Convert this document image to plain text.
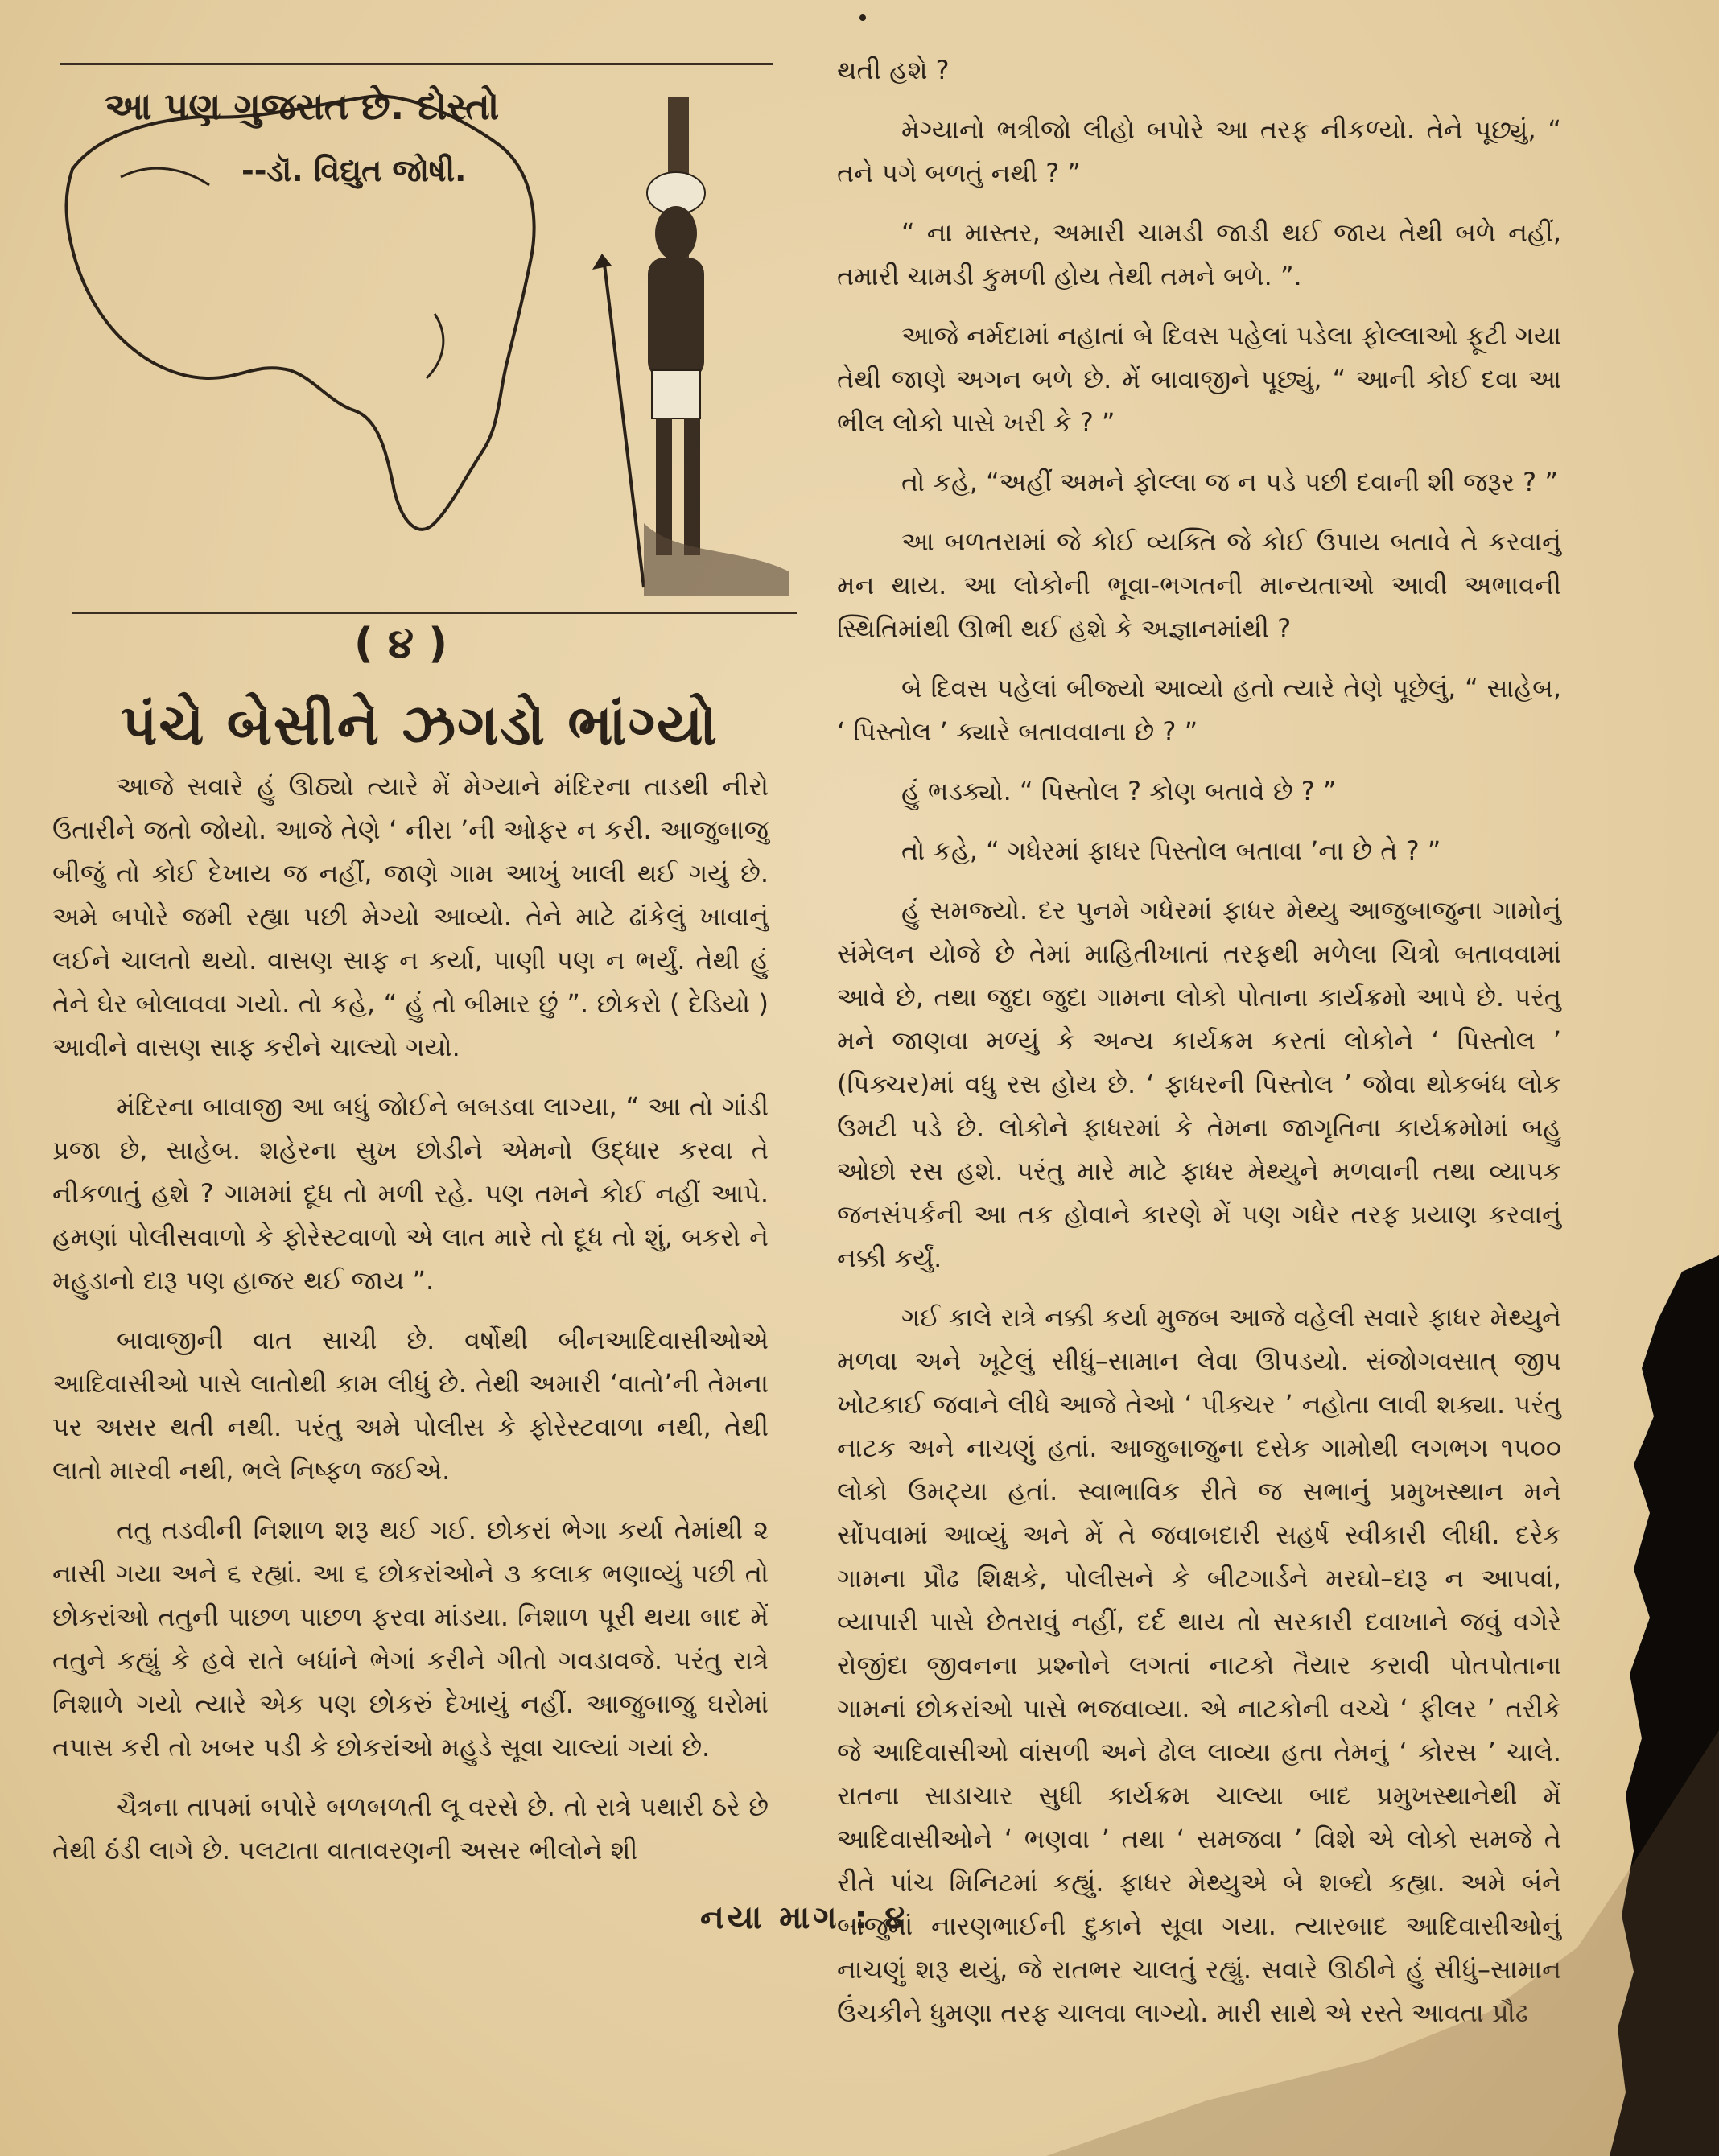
આ પણ ગુજરાત છે. દોસ્તો
--ડૉ. વિદ્યુત જોષી.
( ૪ )
પંચે બેસીને ઝગડો ભાંગ્યો

આજે સવારે હું ઊઠ્યો ત્યારે મેં મેગ્યાને મંદિરના તાડથી નીરો ઉતારીને જતો જોયો. આજે તેણે ‘ નીરા ’ની ઓફર ન કરી. આજુબાજુ બીજું તો કોઈ દેખાય જ નહીં, જાણે ગામ આખું ખાલી થઈ ગયું છે. અમે બપોરે જમી રહ્યા પછી મેગ્યો આવ્યો. તેને માટે ઢાંકેલું ખાવાનું લઈને ચાલતો થયો. વાસણ સાફ ન કર્યા, પાણી પણ ન ભર્યું. તેથી હું તેને ઘેર બોલાવવા ગયો. તો કહે, “ હું તો બીમાર છું ”. છોકરો ( દેડિયો ) આવીને વાસણ સાફ કરીને ચાલ્યો ગયો.

મંદિરના બાવાજી આ બધું જોઈને બબડવા લાગ્યા, “ આ તો ગાંડી પ્રજા છે, સાહેબ. શહેરના સુખ છોડીને એમનો ઉદ્ધાર કરવા તે નીકળાતું હશે ? ગામમાં દૂધ તો મળી રહે. પણ તમને કોઈ નહીં આપે. હમણાં પોલીસવાળો કે ફોરેસ્ટવાળો એ લાત મારે તો દૂધ તો શું, બકરો ને મહુડાનો દારૂ પણ હાજર થઈ જાય ”.

બાવાજીની વાત સાચી છે. વર્ષોથી બીનઆદિવાસીઓએ આદિવાસીઓ પાસે લાતોથી કામ લીધું છે. તેથી અમારી ‘વાતો’ની તેમના પર અસર થતી નથી. પરંતુ અમે પોલીસ કે ફોરેસ્ટવાળા નથી, તેથી લાતો મારવી નથી, ભલે નિષ્ફળ જઈએ.

તતુ તડવીની નિશાળ શરૂ થઈ ગઈ. છોકરાં ભેગા કર્યા તેમાંથી ૨ નાસી ગયા અને ૬ રહ્યાં. આ ૬ છોકરાંઓને ૩ કલાક ભણાવ્યું પછી તો છોકરાંઓ તતુની પાછળ પાછળ ફરવા માંડયા. નિશાળ પૂરી થયા બાદ મેં તતુને કહ્યું કે હવે રાતે બધાંને ભેગાં કરીને ગીતો ગવડાવજે. પરંતુ રાત્રે નિશાળે ગયો ત્યારે એક પણ છોકરું દેખાયું નહીં. આજુબાજુ ઘરોમાં તપાસ કરી તો ખબર પડી કે છોકરાંઓ મહુડે સૂવા ચાલ્યાં ગયાં છે.

ચૈત્રના તાપમાં બપોરે બળબળતી લૂ વરસે છે. તો રાત્રે પથારી ઠરે છે તેથી ઠંડી લાગે છે. પલટાતા વાતાવરણની અસર ભીલોને શી

થતી હશે ?

મેગ્યાનો ભત્રીજો લીહો બપોરે આ તરફ નીકળ્યો. તેને પૂછ્યું, “ તને પગે બળતું નથી ? ”

“ ના માસ્તર, અમારી ચામડી જાડી થઈ જાય તેથી બળે નહીં, તમારી ચામડી કુમળી હોય તેથી તમને બળે. ”.

આજે નર્મદામાં નહાતાં બે દિવસ પહેલાં પડેલા ફોલ્લાઓ ફૂટી ગયા તેથી જાણે અગન બળે છે. મેં બાવાજીને પૂછ્યું, “ આની કોઈ દવા આ ભીલ લોકો પાસે ખરી કે ? ”

તો કહે, “અહીં અમને ફોલ્લા જ ન પડે પછી દવાની શી જરૂર ? ”

આ બળતરામાં જે કોઈ વ્યક્તિ જે કોઈ ઉપાય બતાવે તે કરવાનું મન થાય. આ લોકોની ભૂવા-ભગતની માન્યતાઓ આવી અભાવની સ્થિતિમાંથી ઊભી થઈ હશે કે અજ્ઞાનમાંથી ?

બે દિવસ પહેલાં બીજ્યો આવ્યો હતો ત્યારે તેણે પૂછેલું, “ સાહેબ, ‘ પિસ્તોલ ’ ક્યારે બતાવવાના છે ? ”

હું ભડક્યો. “ પિસ્તોલ ? કોણ બતાવે છે ? ”

તો કહે, “ ગધેરમાં ફાધર પિસ્તોલ બતાવા ’ના છે તે ? ”

હું સમજ્યો. દર પુનમે ગધેરમાં ફાધર મેથ્યુ આજુબાજુના ગામોનું સંમેલન યોજે છે તેમાં માહિતીખાતાં તરફથી મળેલા ચિત્રો બતાવવામાં આવે છે, તથા જુદા જુદા ગામના લોકો પોતાના કાર્યક્રમો આપે છે. પરંતુ મને જાણવા મળ્યું કે અન્ય કાર્યક્રમ કરતાં લોકોને ‘ પિસ્તોલ ’ (પિક્ચર)માં વધુ રસ હોય છે. ‘ ફાધરની પિસ્તોલ ’ જોવા થોકબંધ લોક ઉમટી પડે છે. લોકોને ફાધરમાં કે તેમના જાગૃતિના કાર્યક્રમોમાં બહુ ઓછો રસ હશે. પરંતુ મારે માટે ફાધર મેથ્યુને મળવાની તથા વ્યાપક જનસંપર્કની આ તક હોવાને કારણે મેં પણ ગધેર તરફ પ્રયાણ કરવાનું નક્કી કર્યું.

ગઈ કાલે રાત્રે નક્કી કર્યા મુજબ આજે વહેલી સવારે ફાધર મેથ્યુને મળવા અને ખૂટેલું સીધું–સામાન લેવા ઊપડયો. સંજોગવસાત્ જીપ ખોટકાઈ જવાને લીધે આજે તેઓ ‘ પીક્ચર ’ નહોતા લાવી શક્યા. પરંતુ નાટક અને નાચણું હતાં. આજુબાજુના દસેક ગામોથી લગભગ ૧૫૦૦ લોકો ઉમટ્યા હતાં. સ્વાભાવિક રીતે જ સભાનું પ્રમુખસ્થાન મને સોંપવામાં આવ્યું અને મેં તે જવાબદારી સહર્ષ સ્વીકારી લીધી. દરેક ગામના પ્રૌઢ શિક્ષકે, પોલીસને કે બીટગાર્ડને મરઘો–દારૂ ન આપવાં, વ્યાપારી પાસે છેતરાવું નહીં, દર્દ થાય તો સરકારી દવાખાને જવું વગેરે રોજીંદા જીવનના પ્રશ્નોને લગતાં નાટકો તૈયાર કરાવી પોતપોતાના ગામનાં છોકરાંઓ પાસે ભજવાવ્યા. એ નાટકોની વચ્ચે ‘ ફીલર ’ તરીકે જે આદિવાસીઓ વાંસળી અને ઢોલ લાવ્યા હતા તેમનું ‘ કોરસ ’ ચાલે. રાતના સાડાચાર સુધી કાર્યક્રમ ચાલ્યા બાદ પ્રમુખસ્થાનેથી મેં આદિવાસીઓને ‘ ભણવા ’ તથા ‘ સમજવા ’ વિશે એ લોકો સમજે તે રીતે પાંચ મિનિટમાં કહ્યું. ફાધર મેથ્યુએ બે શબ્દો કહ્યા. અમે બંને બાજુમાં નારણભાઈની દુકાને સૂવા ગયા. ત્યારબાદ આદિવાસીઓનું નાચણું શરૂ થયું, જે રાતભર ચાલતું રહ્યું. સવારે ઊઠીને હું સીધું–સામાન ઉંચકીને ધુમણા તરફ ચાલવા લાગ્યો. મારી સાથે એ રસ્તે આવતા પ્રૌઢ

નયા માગ : ૪
